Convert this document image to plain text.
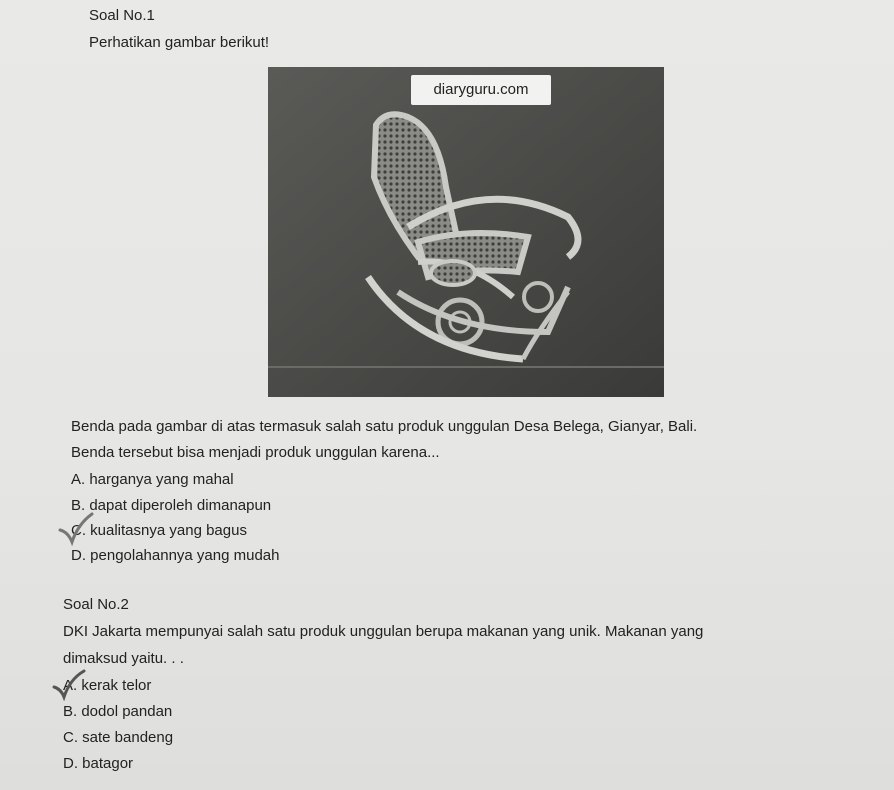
Soal No.1
Perhatikan gambar berikut!
diaryguru.com
Benda pada gambar di atas termasuk salah satu produk unggulan Desa Belega, Gianyar, Bali.
Benda tersebut bisa menjadi produk unggulan karena...
A. harganya yang mahal
B. dapat diperoleh dimanapun
C. kualitasnya yang bagus
D. pengolahannya yang mudah
Soal No.2
DKI Jakarta mempunyai salah satu produk unggulan berupa makanan yang unik. Makanan yang
dimaksud yaitu. . .
A. kerak telor
B. dodol pandan
C. sate bandeng
D. batagor
